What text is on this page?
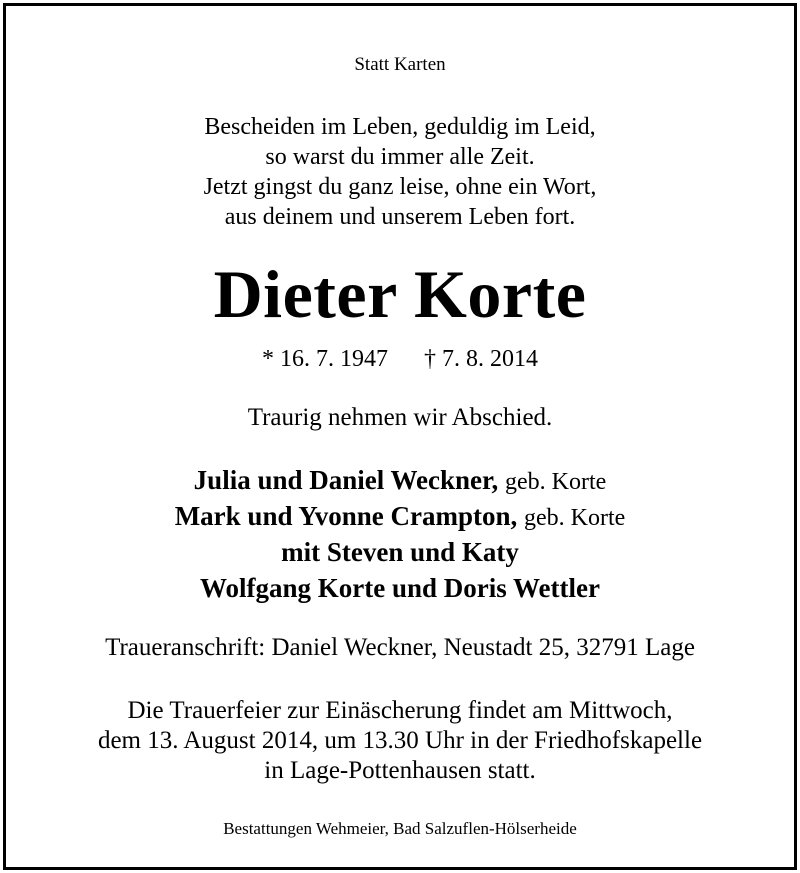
Statt Karten
Bescheiden im Leben, geduldig im Leid,
so warst du immer alle Zeit.
Jetzt gingst du ganz leise, ohne ein Wort,
aus deinem und unserem Leben fort.
Dieter Korte
* 16. 7. 1947 † 7. 8. 2014
Traurig nehmen wir Abschied.
Julia und Daniel Weckner, geb. Korte
Mark und Yvonne Crampton, geb. Korte
mit Steven und Katy
Wolfgang Korte und Doris Wettler
Traueranschrift: Daniel Weckner, Neustadt 25, 32791 Lage
Die Trauerfeier zur Einäscherung findet am Mittwoch,
dem 13. August 2014, um 13.30 Uhr in der Friedhofskapelle
in Lage-Pottenhausen statt.
Bestattungen Wehmeier, Bad Salzuflen-Hölserheide
